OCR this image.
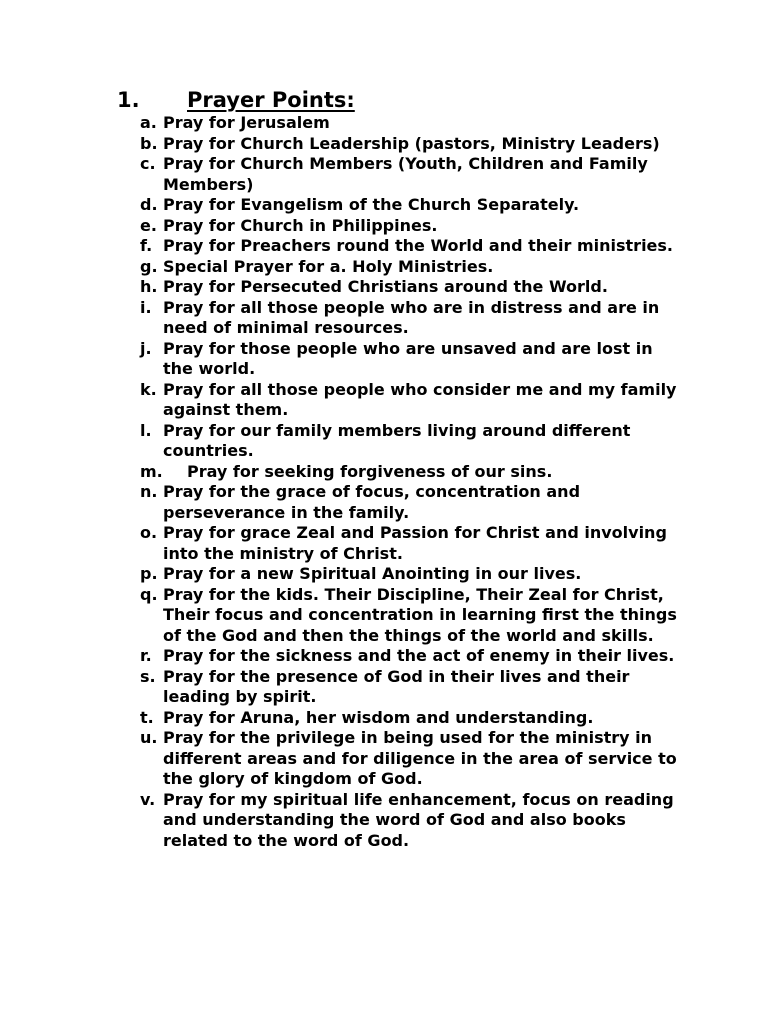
1. Prayer Points:
a. Pray for Jerusalem
b. Pray for Church Leadership (pastors, Ministry Leaders)
c. Pray for Church Members (Youth, Children and Family Members)
d. Pray for Evangelism of the Church Separately.
e. Pray for Church in Philippines.
f. Pray for Preachers round the World and their ministries.
g. Special Prayer for a. Holy Ministries.
h. Pray for Persecuted Christians around the World.
i. Pray for all those people who are in distress and are in need of minimal resources.
j. Pray for those people who are unsaved and are lost in the world.
k. Pray for all those people who consider me and my family against them.
l. Pray for our family members living around different countries.
m. Pray for seeking forgiveness of our sins.
n. Pray for the grace of focus, concentration and perseverance in the family.
o. Pray for grace Zeal and Passion for Christ and involving into the ministry of Christ.
p. Pray for a new Spiritual Anointing in our lives.
q. Pray for the kids. Their Discipline, Their Zeal for Christ, Their focus and concentration in learning first the things of the God and then the things of the world and skills.
r. Pray for the sickness and the act of enemy in their lives.
s. Pray for the presence of God in their lives and their leading by spirit.
t. Pray for Aruna, her wisdom and understanding.
u. Pray for the privilege in being used for the ministry in different areas and for diligence in the area of service to the glory of kingdom of God.
v. Pray for my spiritual life enhancement, focus on reading and understanding the word of God and also books related to the word of God.
